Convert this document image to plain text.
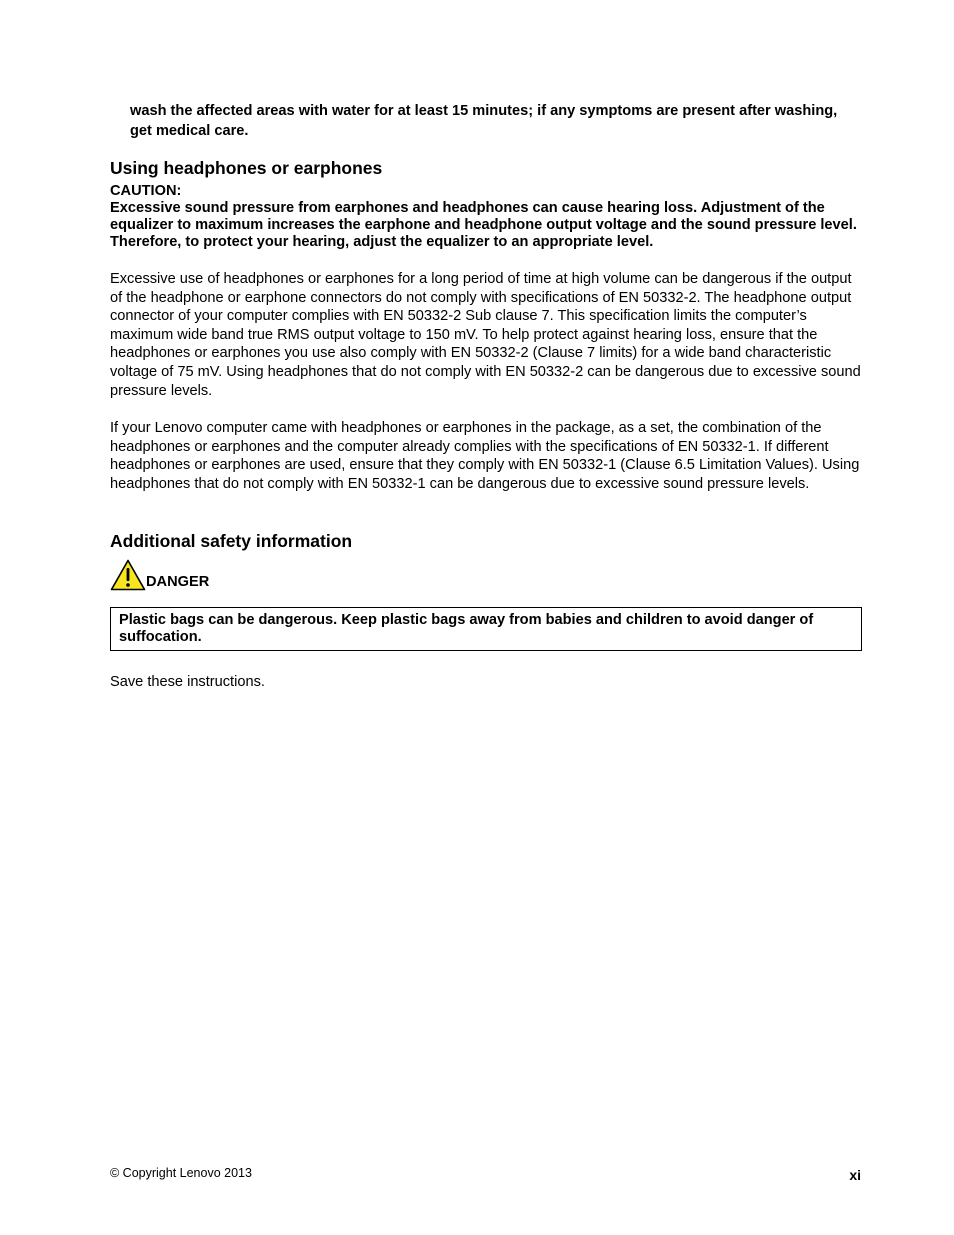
wash the affected areas with water for at least 15 minutes; if any symptoms are present after washing, get medical care.

Using headphones or earphones
CAUTION:

Excessive sound pressure from earphones and headphones can cause hearing loss. Adjustment of the equalizer to maximum increases the earphone and headphone output voltage and the sound pressure level. Therefore, to protect your hearing, adjust the equalizer to an appropriate level.

Excessive use of headphones or earphones for a long period of time at high volume can be dangerous if the output of the headphone or earphone connectors do not comply with specifications of EN 50332-2. The headphone output connector of your computer complies with EN 50332-2 Sub clause 7. This specification limits the computer’s maximum wide band true RMS output voltage to 150 mV. To help protect against hearing loss, ensure that the headphones or earphones you use also comply with EN 50332-2 (Clause 7 limits) for a wide band characteristic voltage of 75 mV. Using headphones that do not comply with EN 50332-2 can be dangerous due to excessive sound pressure levels.

If your Lenovo computer came with headphones or earphones in the package, as a set, the combination of the headphones or earphones and the computer already complies with the specifications of EN 50332-1. If different headphones or earphones are used, ensure that they comply with EN 50332-1 (Clause 6.5 Limitation Values). Using headphones that do not comply with EN 50332-1 can be dangerous due to excessive sound pressure levels.

Additional safety information
DANGER
Plastic bags can be dangerous. Keep plastic bags away from babies and children to avoid danger of suffocation.

Save these instructions.

© Copyright Lenovo 2013	xi
